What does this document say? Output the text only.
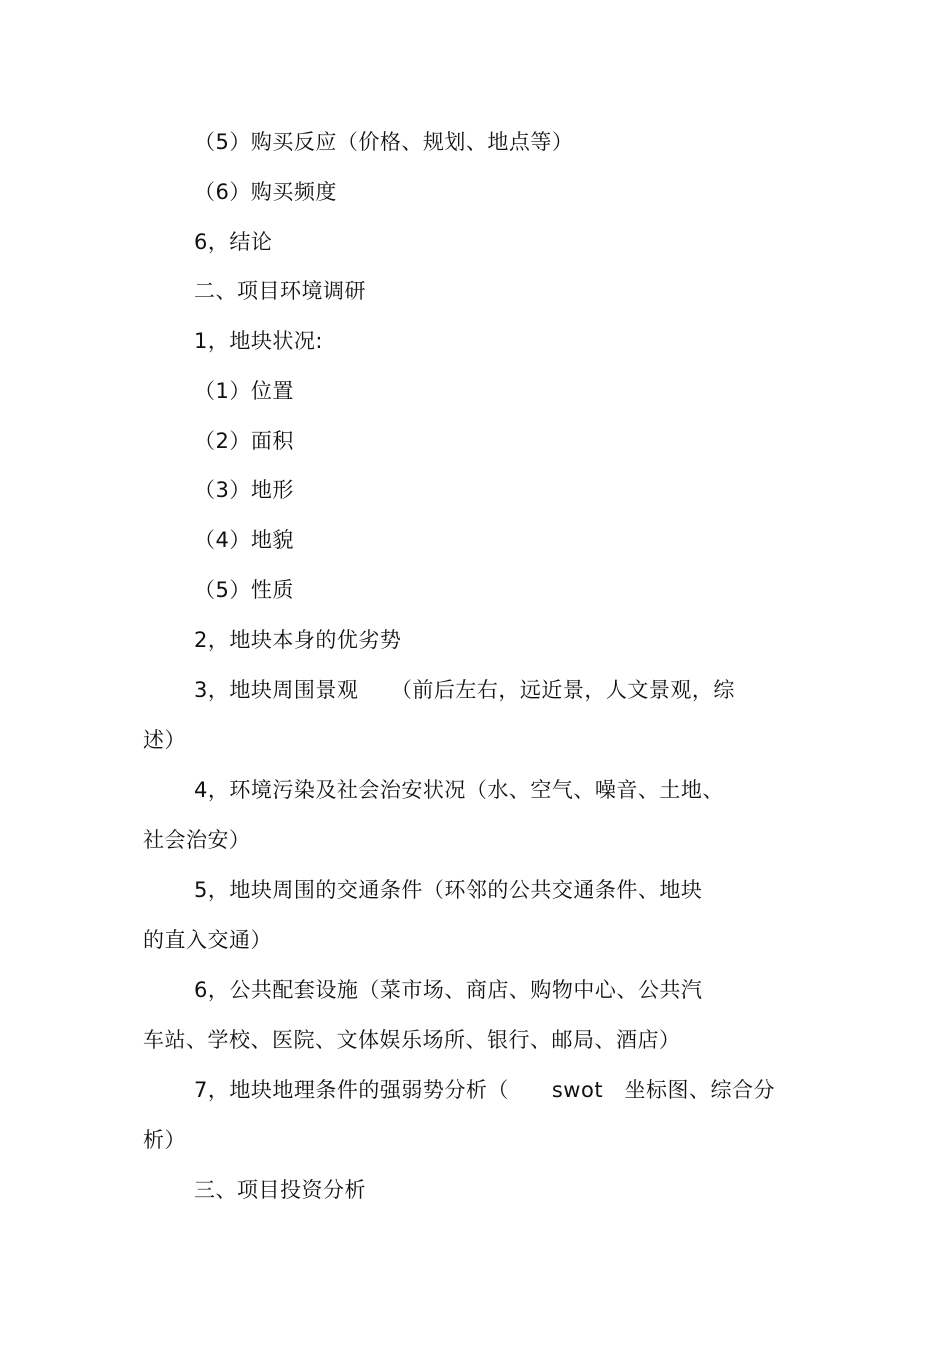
（5）购买反应（价格、规划、地点等）
（6）购买频度
6，结论
二、项目环境调研
1，地块状况:
（1）位置
（2）面积
（3）地形
（4）地貌
（5）性质
2，地块本身的优劣势
3，地块周围景观　　（前后左右，远近景，人文景观，综
述）
4，环境污染及社会治安状况（水、空气、噪音、土地、
社会治安）
5，地块周围的交通条件（环邻的公共交通条件、地块
的直入交通）
6，公共配套设施（菜市场、商店、购物中心、公共汽
车站、学校、医院、文体娱乐场所、银行、邮局、酒店）
7，地块地理条件的强弱势分析（　　swot　坐标图、综合分
析）
三、项目投资分析
